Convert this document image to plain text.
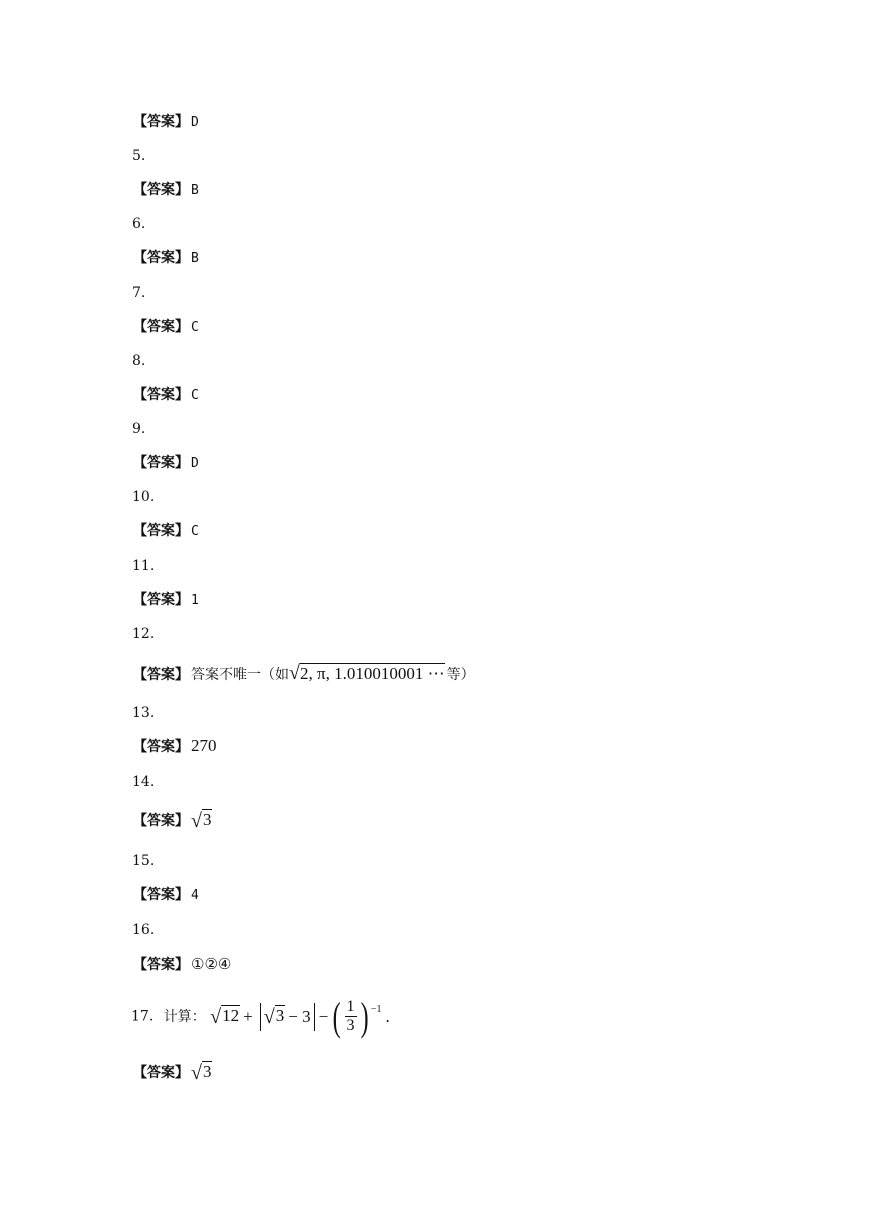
【答案】 D
5.
【答案】 B
6.
【答案】 B
7.
【答案】 C
8.
【答案】 C
9.
【答案】 D
10.
【答案】 C
11.
【答案】 1
12.
【答案】 答案不唯一（如√2, π, 1.010010001 ⋯ 等）
13.
【答案】 270
14.
【答案】 √3
15.
【答案】 4
16.
【答案】 ①②④
17. 计算： √12 + √3 − 3 − ( $\frac{1}{3}$ ) −1 .
【答案】 √3
